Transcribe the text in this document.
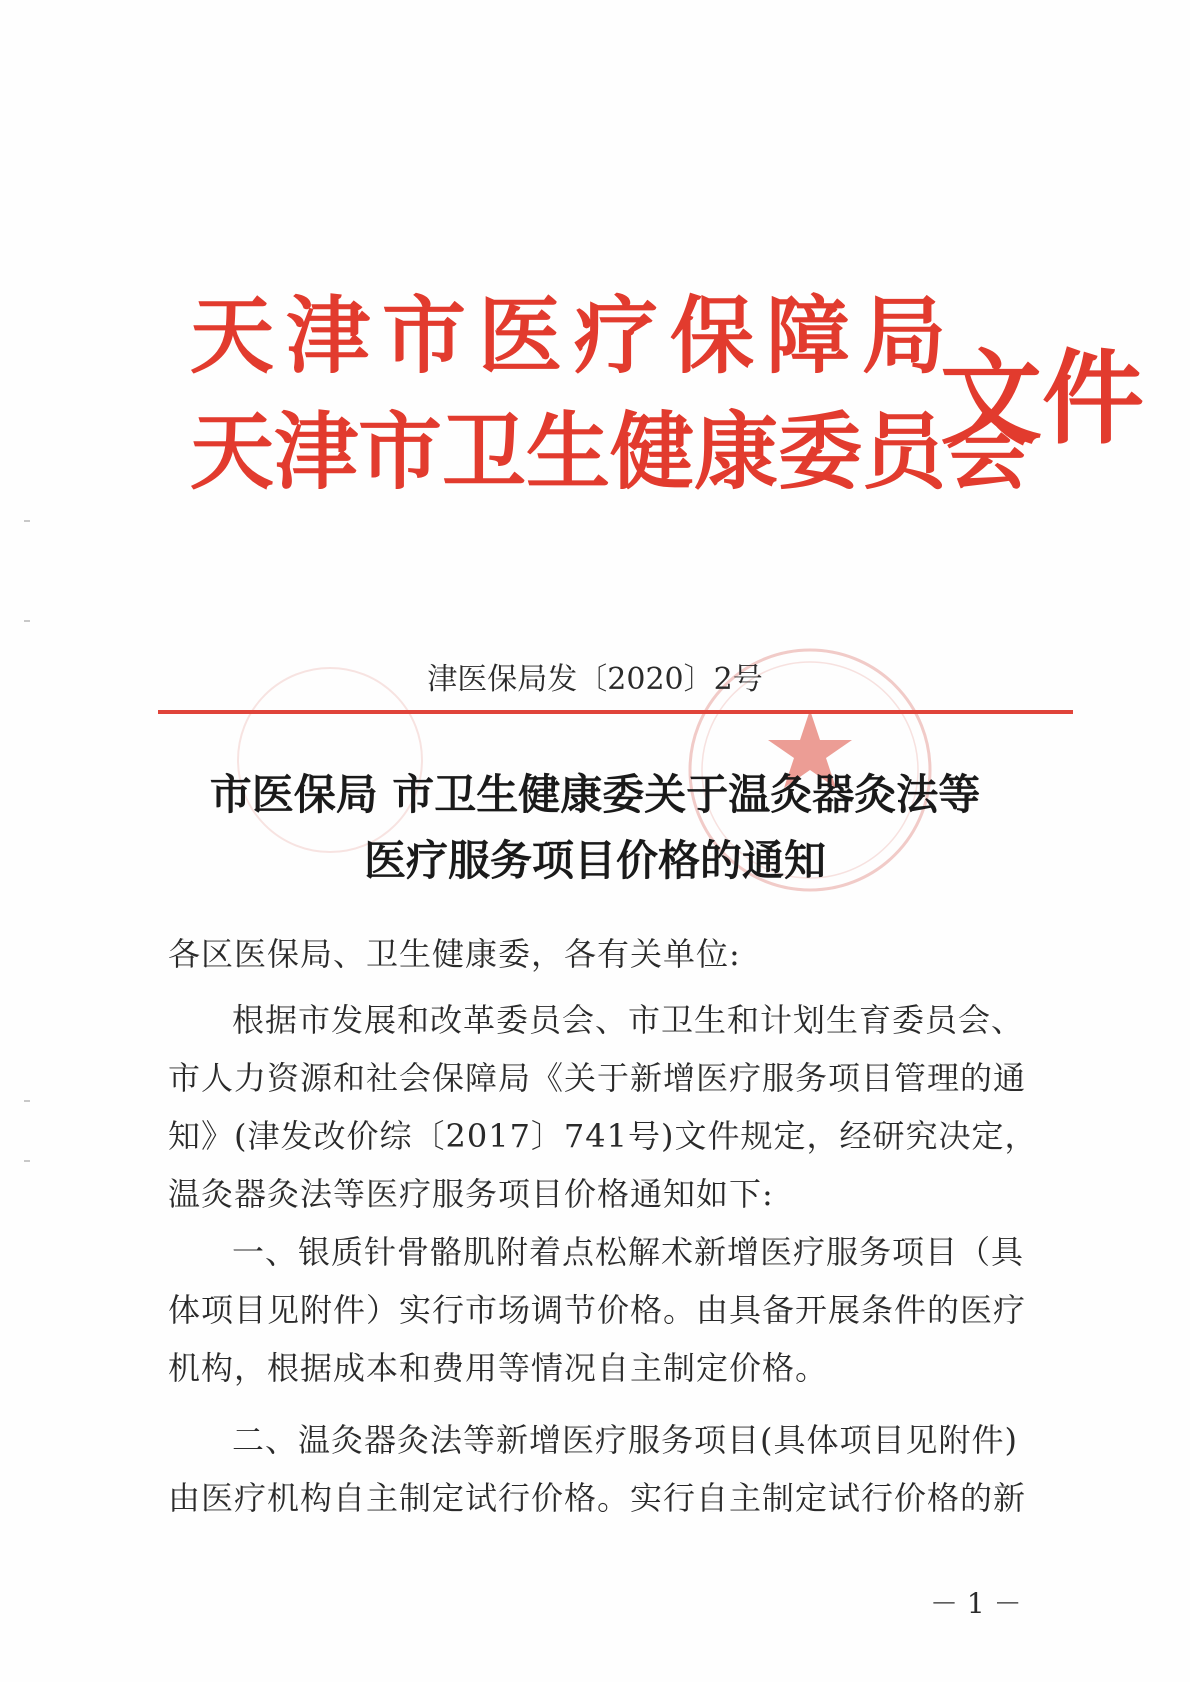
天津市医疗保障局
天津市卫生健康委员会
文件
津医保局发〔2020〕2号
市医保局 市卫生健康委关于温灸器灸法等
医疗服务项目价格的通知
各区医保局、卫生健康委，各有关单位:
根据市发展和改革委员会、市卫生和计划生育委员会、
市人力资源和社会保障局《关于新增医疗服务项目管理的通
知》(津发改价综〔2017〕741号)文件规定，经研究决定，
温灸器灸法等医疗服务项目价格通知如下:
一、银质针骨骼肌附着点松解术新增医疗服务项目（具
体项目见附件）实行市场调节价格。由具备开展条件的医疗
机构，根据成本和费用等情况自主制定价格。
二、温灸器灸法等新增医疗服务项目(具体项目见附件)
由医疗机构自主制定试行价格。实行自主制定试行价格的新
－ 1 －
